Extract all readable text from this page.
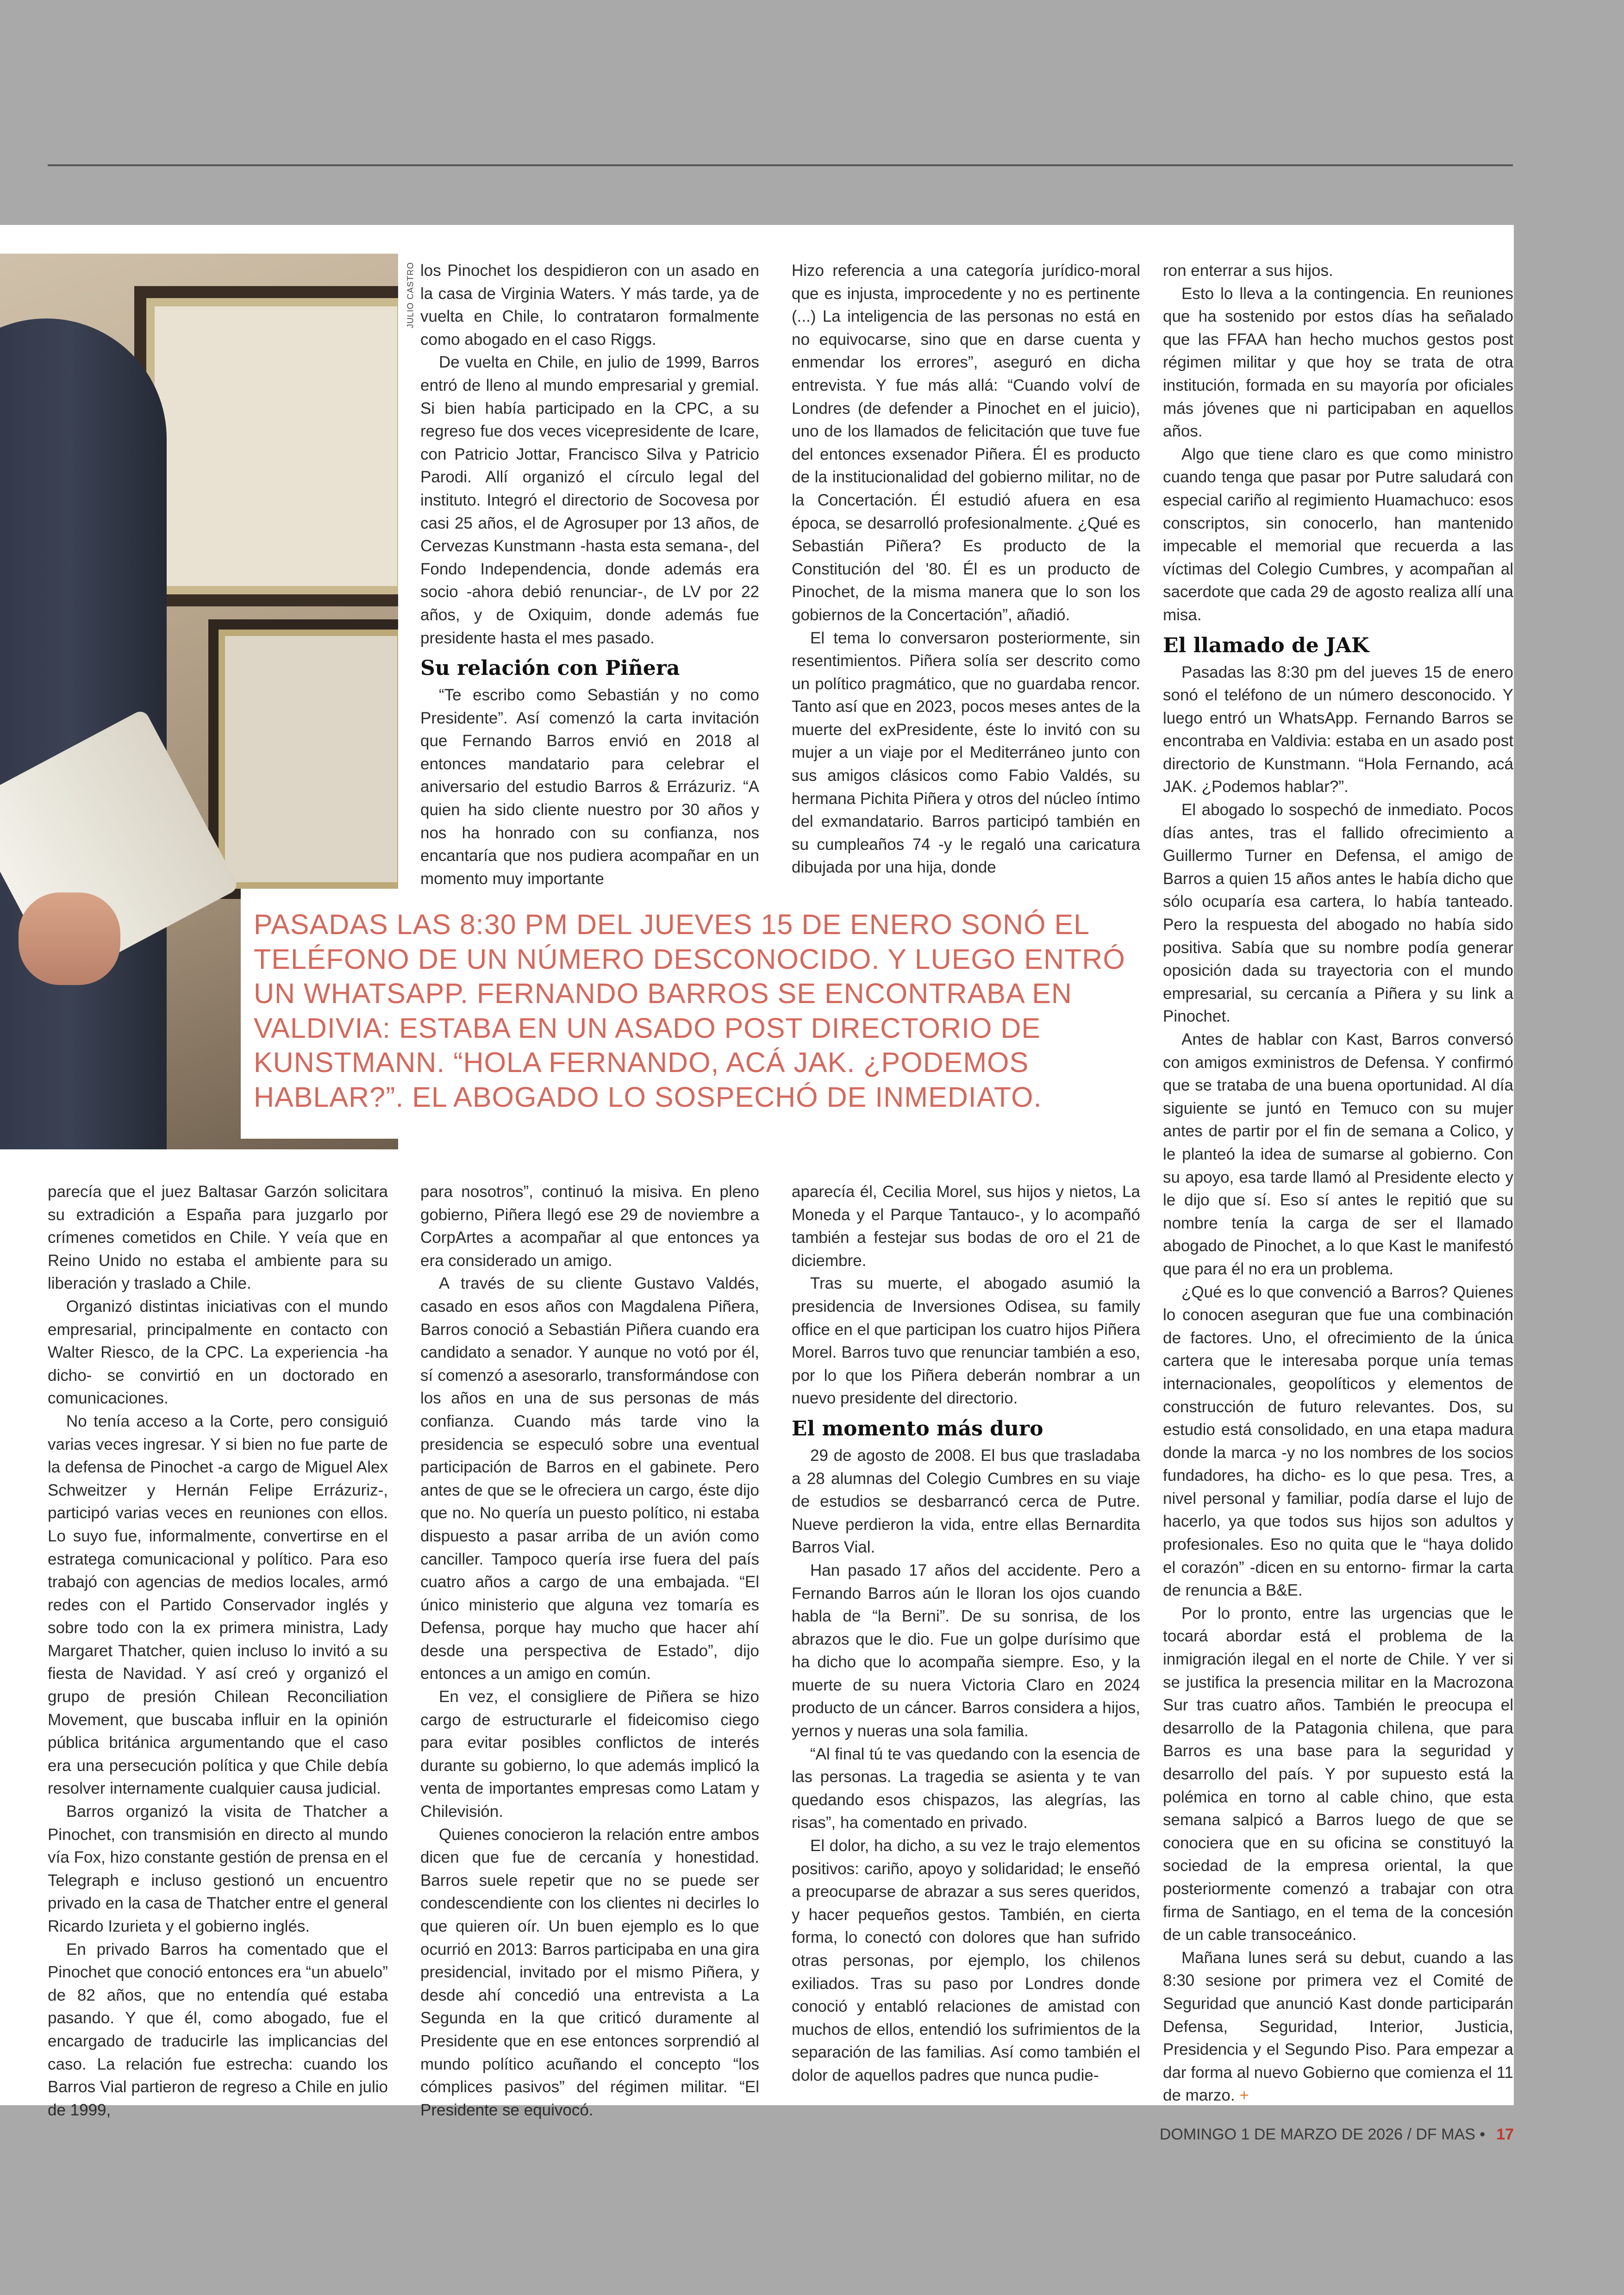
JULIO CASTRO los Pinochet los despidieron con un asado en la casa de Virginia Waters. Y más tarde, ya de vuelta en Chile, lo contrataron formalmente como abogado en el caso Riggs.

De vuelta en Chile, en julio de 1999, Barros entró de lleno al mundo empresarial y gremial. Si bien había participado en la CPC, a su regreso fue dos veces vicepresidente de Icare, con Patricio Jottar, Francisco Silva y Patricio Parodi. Allí organizó el círculo legal del instituto. Integró el directorio de Socovesa por casi 25 años, el de Agrosuper por 13 años, de Cervezas Kunstmann -hasta esta semana-, del Fondo Independencia, donde además era socio -ahora debió renunciar-, de LV por 22 años, y de Oxiquim, donde además fue presidente hasta el mes pasado.

Su relación con Piñera

“Te escribo como Sebastián y no como Presidente”. Así comenzó la carta invitación que Fernando Barros envió en 2018 al entonces mandatario para celebrar el aniversario del estudio Barros & Errázuriz. “A quien ha sido cliente nuestro por 30 años y nos ha honrado con su confianza, nos encantaría que nos pudiera acompañar en un momento muy importante

Hizo referencia a una categoría jurídico-moral que es injusta, improcedente y no es pertinente (...) La inteligencia de las personas no está en no equivocarse, sino que en darse cuenta y enmendar los errores”, aseguró en dicha entrevista. Y fue más allá: “Cuando volví de Londres (de defender a Pinochet en el juicio), uno de los llamados de felicitación que tuve fue del entonces exsenador Piñera. Él es producto de la institucionalidad del gobierno militar, no de la Concertación. Él estudió afuera en esa época, se desarrolló profesionalmente. ¿Qué es Sebastián Piñera? Es producto de la Constitución del '80. Él es un producto de Pinochet, de la misma manera que lo son los gobiernos de la Concertación”, añadió.

El tema lo conversaron posteriormente, sin resentimientos. Piñera solía ser descrito como un político pragmático, que no guardaba rencor. Tanto así que en 2023, pocos meses antes de la muerte del exPresidente, éste lo invitó con su mujer a un viaje por el Mediterráneo junto con sus amigos clásicos como Fabio Valdés, su hermana Pichita Piñera y otros del núcleo íntimo del exmandatario. Barros participó también en su cumpleaños 74 -y le regaló una caricatura dibujada por una hija, donde

ron enterrar a sus hijos.

Esto lo lleva a la contingencia. En reuniones que ha sostenido por estos días ha señalado que las FFAA han hecho muchos gestos post régimen militar y que hoy se trata de otra institución, formada en su mayoría por oficiales más jóvenes que ni participaban en aquellos años.

Algo que tiene claro es que como ministro cuando tenga que pasar por Putre saludará con especial cariño al regimiento Huamachuco: esos conscriptos, sin conocerlo, han mantenido impecable el memorial que recuerda a las víctimas del Colegio Cumbres, y acompañan al sacerdote que cada 29 de agosto realiza allí una misa.

El llamado de JAK

Pasadas las 8:30 pm del jueves 15 de enero sonó el teléfono de un número desconocido. Y luego entró un WhatsApp. Fernando Barros se encontraba en Valdivia: estaba en un asado post directorio de Kunstmann. “Hola Fernando, acá JAK. ¿Podemos hablar?”.

El abogado lo sospechó de inmediato. Pocos días antes, tras el fallido ofrecimiento a Guillermo Turner en Defensa, el amigo de Barros a quien 15 años antes le había dicho que sólo ocuparía esa cartera, lo había tanteado. Pero la respuesta del abogado no había sido positiva. Sabía que su nombre podía generar oposición dada su trayectoria con el mundo empresarial, su cercanía a Piñera y su link a Pinochet.

Antes de hablar con Kast, Barros conversó con amigos exministros de Defensa. Y confirmó que se trataba de una buena oportunidad. Al día siguiente se juntó en Temuco con su mujer antes de partir por el fin de semana a Colico, y le planteó la idea de sumarse al gobierno. Con su apoyo, esa tarde llamó al Presidente electo y le dijo que sí. Eso sí antes le repitió que su nombre tenía la carga de ser el llamado abogado de Pinochet, a lo que Kast le manifestó que para él no era un problema.

¿Qué es lo que convenció a Barros? Quienes lo conocen aseguran que fue una combinación de factores. Uno, el ofrecimiento de la única cartera que le interesaba porque unía temas internacionales, geopolíticos y elementos de construcción de futuro relevantes. Dos, su estudio está consolidado, en una etapa madura donde la marca -y no los nombres de los socios fundadores, ha dicho- es lo que pesa. Tres, a nivel personal y familiar, podía darse el lujo de hacerlo, ya que todos sus hijos son adultos y profesionales. Eso no quita que le “haya dolido el corazón” -dicen en su entorno- firmar la carta de renuncia a B&E.

Por lo pronto, entre las urgencias que le tocará abordar está el problema de la inmigración ilegal en el norte de Chile. Y ver si se justifica la presencia militar en la Macrozona Sur tras cuatro años. También le preocupa el desarrollo de la Patagonia chilena, que para Barros es una base para la seguridad y desarrollo del país. Y por supuesto está la polémica en torno al cable chino, que esta semana salpicó a Barros luego de que se conociera que en su oficina se constituyó la sociedad de la empresa oriental, la que posteriormente comenzó a trabajar con otra firma de Santiago, en el tema de la concesión de un cable transoceánico.

Mañana lunes será su debut, cuando a las 8:30 sesione por primera vez el Comité de Seguridad que anunció Kast donde participarán Defensa, Seguridad, Interior, Justicia, Presidencia y el Segundo Piso. Para empezar a dar forma al nuevo Gobierno que comienza el 11 de marzo. +

PASADAS LAS 8:30 PM DEL JUEVES 15 DE ENERO SONÓ EL TELÉFONO DE UN NÚMERO DESCONOCIDO. Y LUEGO ENTRÓ UN WHATSAPP. FERNANDO BARROS SE ENCONTRABA EN VALDIVIA: ESTABA EN UN ASADO POST DIRECTORIO DE KUNSTMANN. “HOLA FERNANDO, ACÁ JAK. ¿PODEMOS HABLAR?”. EL ABOGADO LO SOSPECHÓ DE INMEDIATO.

parecía que el juez Baltasar Garzón solicitara su extradición a España para juzgarlo por crímenes cometidos en Chile. Y veía que en Reino Unido no estaba el ambiente para su liberación y traslado a Chile.

Organizó distintas iniciativas con el mundo empresarial, principalmente en contacto con Walter Riesco, de la CPC. La experiencia -ha dicho- se convirtió en un doctorado en comunicaciones.

No tenía acceso a la Corte, pero consiguió varias veces ingresar. Y si bien no fue parte de la defensa de Pinochet -a cargo de Miguel Alex Schweitzer y Hernán Felipe Errázuriz-, participó varias veces en reuniones con ellos. Lo suyo fue, informalmente, convertirse en el estratega comunicacional y político. Para eso trabajó con agencias de medios locales, armó redes con el Partido Conservador inglés y sobre todo con la ex primera ministra, Lady Margaret Thatcher, quien incluso lo invitó a su fiesta de Navidad. Y así creó y organizó el grupo de presión Chilean Reconciliation Movement, que buscaba influir en la opinión pública británica argumentando que el caso era una persecución política y que Chile debía resolver internamente cualquier causa judicial.

Barros organizó la visita de Thatcher a Pinochet, con transmisión en directo al mundo vía Fox, hizo constante gestión de prensa en el Telegraph e incluso gestionó un encuentro privado en la casa de Thatcher entre el general Ricardo Izurieta y el gobierno inglés.

En privado Barros ha comentado que el Pinochet que conoció entonces era “un abuelo” de 82 años, que no entendía qué estaba pasando. Y que él, como abogado, fue el encargado de traducirle las implicancias del caso. La relación fue estrecha: cuando los Barros Vial partieron de regreso a Chile en julio de 1999,

para nosotros”, continuó la misiva. En pleno gobierno, Piñera llegó ese 29 de noviembre a CorpArtes a acompañar al que entonces ya era considerado un amigo.

A través de su cliente Gustavo Valdés, casado en esos años con Magdalena Piñera, Barros conoció a Sebastián Piñera cuando era candidato a senador. Y aunque no votó por él, sí comenzó a asesorarlo, transformándose con los años en una de sus personas de más confianza. Cuando más tarde vino la presidencia se especuló sobre una eventual participación de Barros en el gabinete. Pero antes de que se le ofreciera un cargo, éste dijo que no. No quería un puesto político, ni estaba dispuesto a pasar arriba de un avión como canciller. Tampoco quería irse fuera del país cuatro años a cargo de una embajada. “El único ministerio que alguna vez tomaría es Defensa, porque hay mucho que hacer ahí desde una perspectiva de Estado”, dijo entonces a un amigo en común.

En vez, el consigliere de Piñera se hizo cargo de estructurarle el fideicomiso ciego para evitar posibles conflictos de interés durante su gobierno, lo que además implicó la venta de importantes empresas como Latam y Chilevisión.

Quienes conocieron la relación entre ambos dicen que fue de cercanía y honestidad. Barros suele repetir que no se puede ser condescendiente con los clientes ni decirles lo que quieren oír. Un buen ejemplo es lo que ocurrió en 2013: Barros participaba en una gira presidencial, invitado por el mismo Piñera, y desde ahí concedió una entrevista a La Segunda en la que criticó duramente al Presidente que en ese entonces sorprendió al mundo político acuñando el concepto “los cómplices pasivos” del régimen militar. “El Presidente se equivocó.

aparecía él, Cecilia Morel, sus hijos y nietos, La Moneda y el Parque Tantauco-, y lo acompañó también a festejar sus bodas de oro el 21 de diciembre.

Tras su muerte, el abogado asumió la presidencia de Inversiones Odisea, su family office en el que participan los cuatro hijos Piñera Morel. Barros tuvo que renunciar también a eso, por lo que los Piñera deberán nombrar a un nuevo presidente del directorio.

El momento más duro

29 de agosto de 2008. El bus que trasladaba a 28 alumnas del Colegio Cumbres en su viaje de estudios se desbarrancó cerca de Putre. Nueve perdieron la vida, entre ellas Bernardita Barros Vial.

Han pasado 17 años del accidente. Pero a Fernando Barros aún le lloran los ojos cuando habla de “la Berni”. De su sonrisa, de los abrazos que le dio. Fue un golpe durísimo que ha dicho que lo acompaña siempre. Eso, y la muerte de su nuera Victoria Claro en 2024 producto de un cáncer. Barros considera a hijos, yernos y nueras una sola familia.

“Al final tú te vas quedando con la esencia de las personas. La tragedia se asienta y te van quedando esos chispazos, las alegrías, las risas”, ha comentado en privado.

El dolor, ha dicho, a su vez le trajo elementos positivos: cariño, apoyo y solidaridad; le enseñó a preocuparse de abrazar a sus seres queridos, y hacer pequeños gestos. También, en cierta forma, lo conectó con dolores que han sufrido otras personas, por ejemplo, los chilenos exiliados. Tras su paso por Londres donde conoció y entabló relaciones de amistad con muchos de ellos, entendió los sufrimientos de la separación de las familias. Así como también el dolor de aquellos padres que nunca pudie-

DOMINGO 1 DE MARZO DE 2026 / DF MAS • 17
